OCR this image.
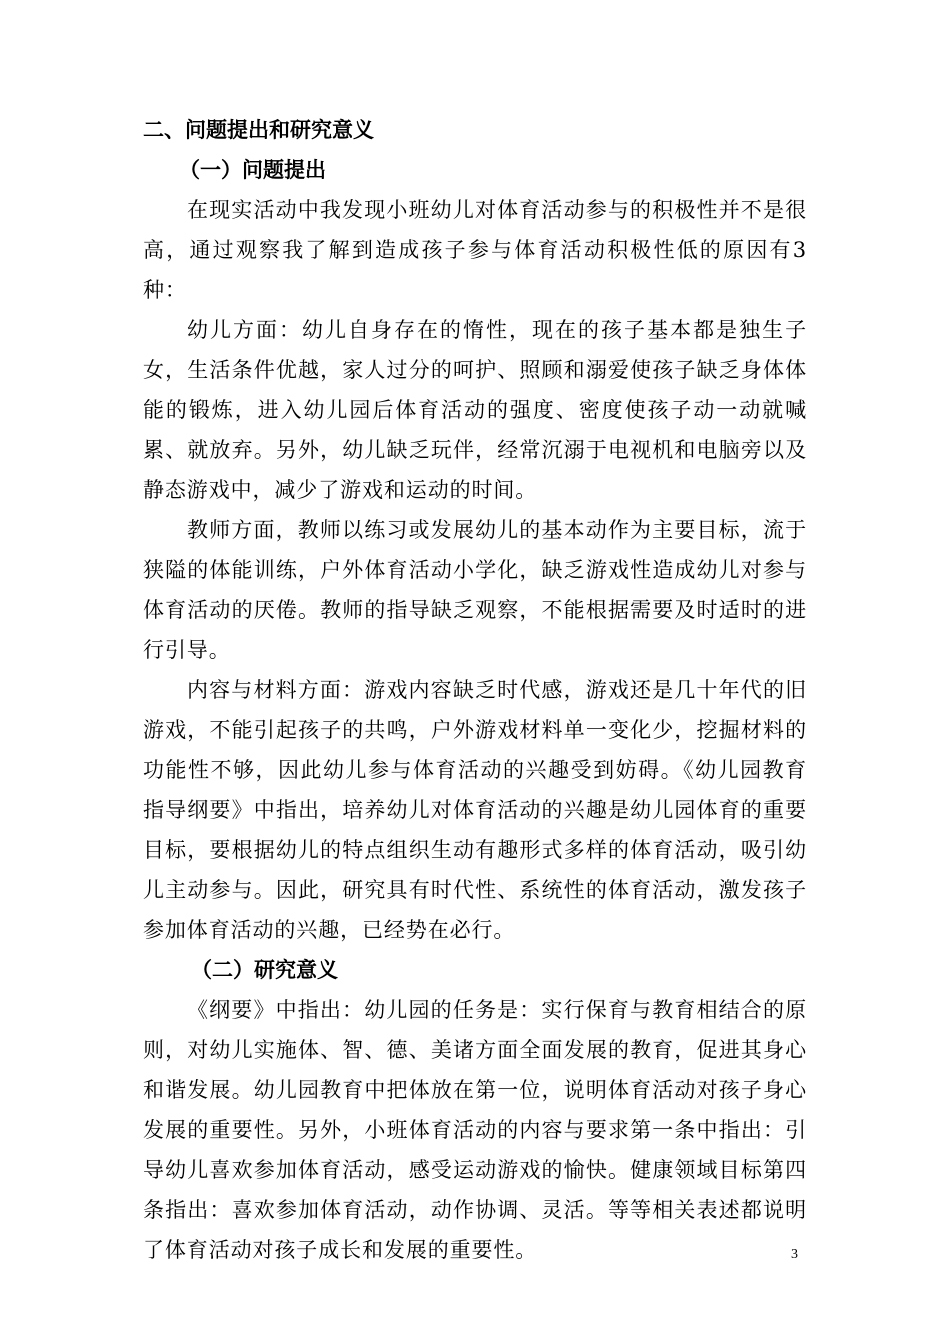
二、问题提出和研究意义

（一）问题提出

在现实活动中我发现小班幼儿对体育活动参与的积极性并不是很高，通过观察我了解到造成孩子参与体育活动积极性低的原因有3种：

幼儿方面：幼儿自身存在的惰性，现在的孩子基本都是独生子女，生活条件优越，家人过分的呵护、照顾和溺爱使孩子缺乏身体体能的锻炼，进入幼儿园后体育活动的强度、密度使孩子动一动就喊累、就放弃。另外，幼儿缺乏玩伴，经常沉溺于电视机和电脑旁以及静态游戏中，减少了游戏和运动的时间。

教师方面，教师以练习或发展幼儿的基本动作为主要目标，流于狭隘的体能训练，户外体育活动小学化，缺乏游戏性造成幼儿对参与体育活动的厌倦。教师的指导缺乏观察，不能根据需要及时适时的进行引导。

内容与材料方面：游戏内容缺乏时代感，游戏还是几十年代的旧游戏，不能引起孩子的共鸣，户外游戏材料单一变化少，挖掘材料的功能性不够，因此幼儿参与体育活动的兴趣受到妨碍。《幼儿园教育指导纲要》中指出，培养幼儿对体育活动的兴趣是幼儿园体育的重要目标，要根据幼儿的特点组织生动有趣形式多样的体育活动，吸引幼儿主动参与。因此，研究具有时代性、系统性的体育活动，激发孩子参加体育活动的兴趣，已经势在必行。

（二）研究意义

《纲要》中指出：幼儿园的任务是：实行保育与教育相结合的原则，对幼儿实施体、智、德、美诸方面全面发展的教育，促进其身心和谐发展。幼儿园教育中把体放在第一位，说明体育活动对孩子身心发展的重要性。另外，小班体育活动的内容与要求第一条中指出：引导幼儿喜欢参加体育活动，感受运动游戏的愉快。健康领域目标第四条指出：喜欢参加体育活动，动作协调、灵活。等等相关表述都说明了体育活动对孩子成长和发展的重要性。	3
